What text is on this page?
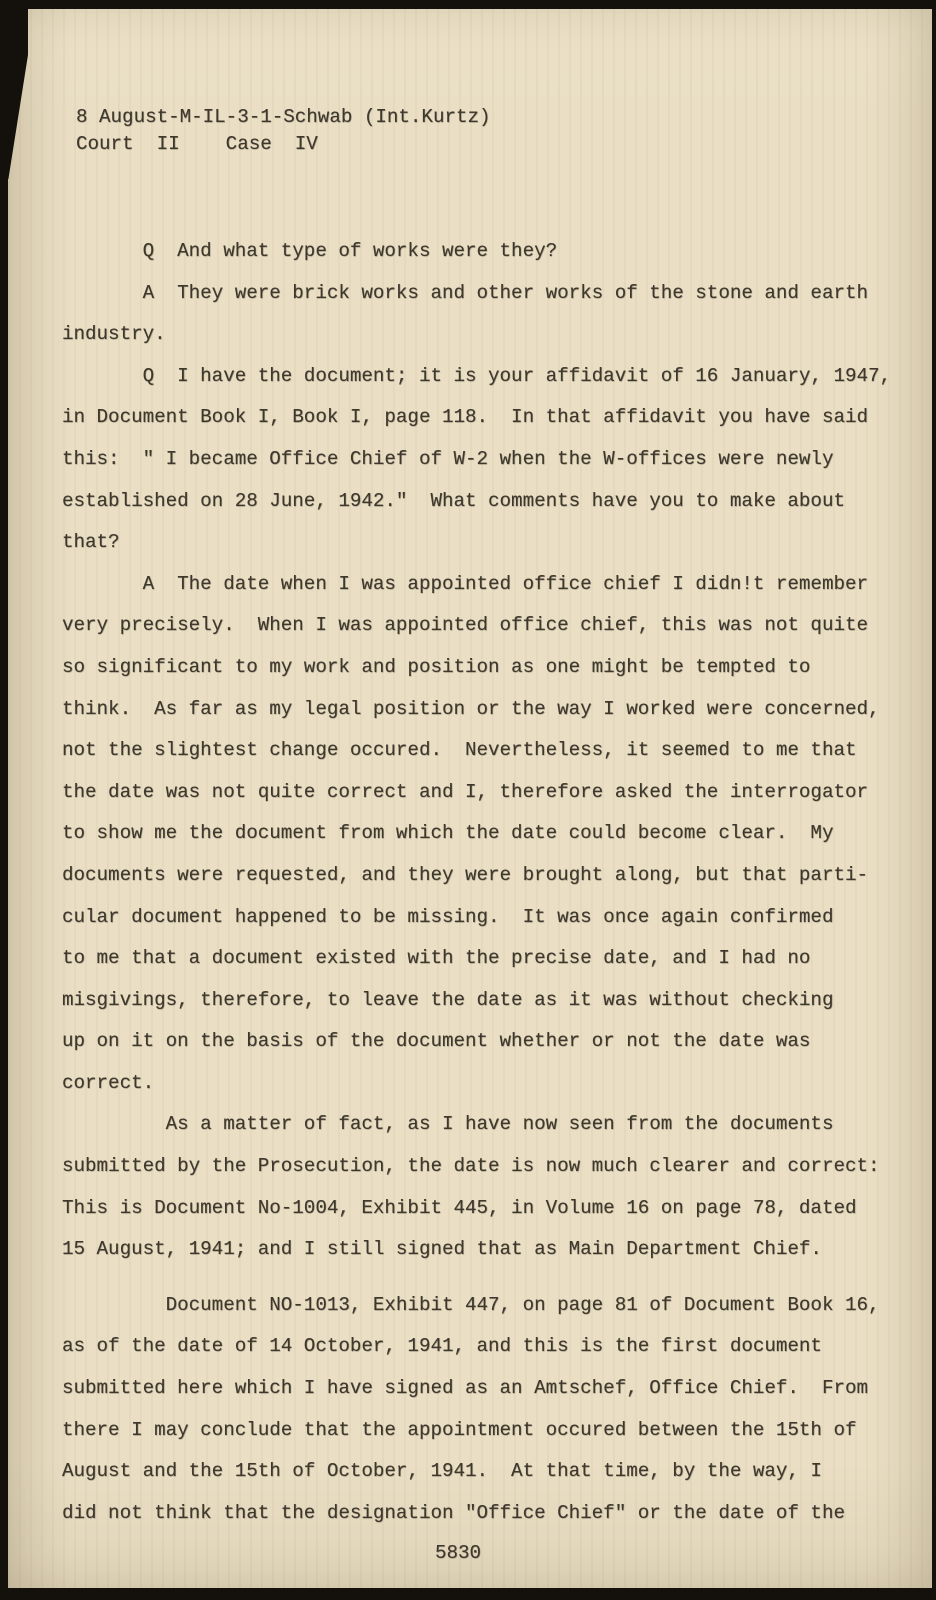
8 August-M-IL-3-1-Schwab (Int.Kurtz)
Court  II    Case  IV
Q  And what type of works were they?
A  They were brick works and other works of the stone and earth
industry.
Q  I have the document; it is your affidavit of 16 January, 1947,
in Document Book I, Book I, page 118.  In that affidavit you have said
this:  " I became Office Chief of W-2 when the W-offices were newly
established on 28 June, 1942."  What comments have you to make about
that?
A  The date when I was appointed office chief I didn!t remember
very precisely.  When I was appointed office chief, this was not quite
so significant to my work and position as one might be tempted to
think.  As far as my legal position or the way I worked were concerned,
not the slightest change occured.  Nevertheless, it seemed to me that
the date was not quite correct and I, therefore asked the interrogator
to show me the document from which the date could become clear.  My
documents were requested, and they were brought along, but that parti-
cular document happened to be missing.  It was once again confirmed
to me that a document existed with the precise date, and I had no
misgivings, therefore, to leave the date as it was without checking
up on it on the basis of the document whether or not the date was
correct.
As a matter of fact, as I have now seen from the documents
submitted by the Prosecution, the date is now much clearer and correct:
This is Document No-1004, Exhibit 445, in Volume 16 on page 78, dated
15 August, 1941; and I still signed that as Main Department Chief.
Document NO-1013, Exhibit 447, on page 81 of Document Book 16,
as of the date of 14 October, 1941, and this is the first document
submitted here which I have signed as an Amtschef, Office Chief.  From
there I may conclude that the appointment occured between the 15th of
August and the 15th of October, 1941.  At that time, by the way, I
did not think that the designation "Office Chief" or the date of the
5830
